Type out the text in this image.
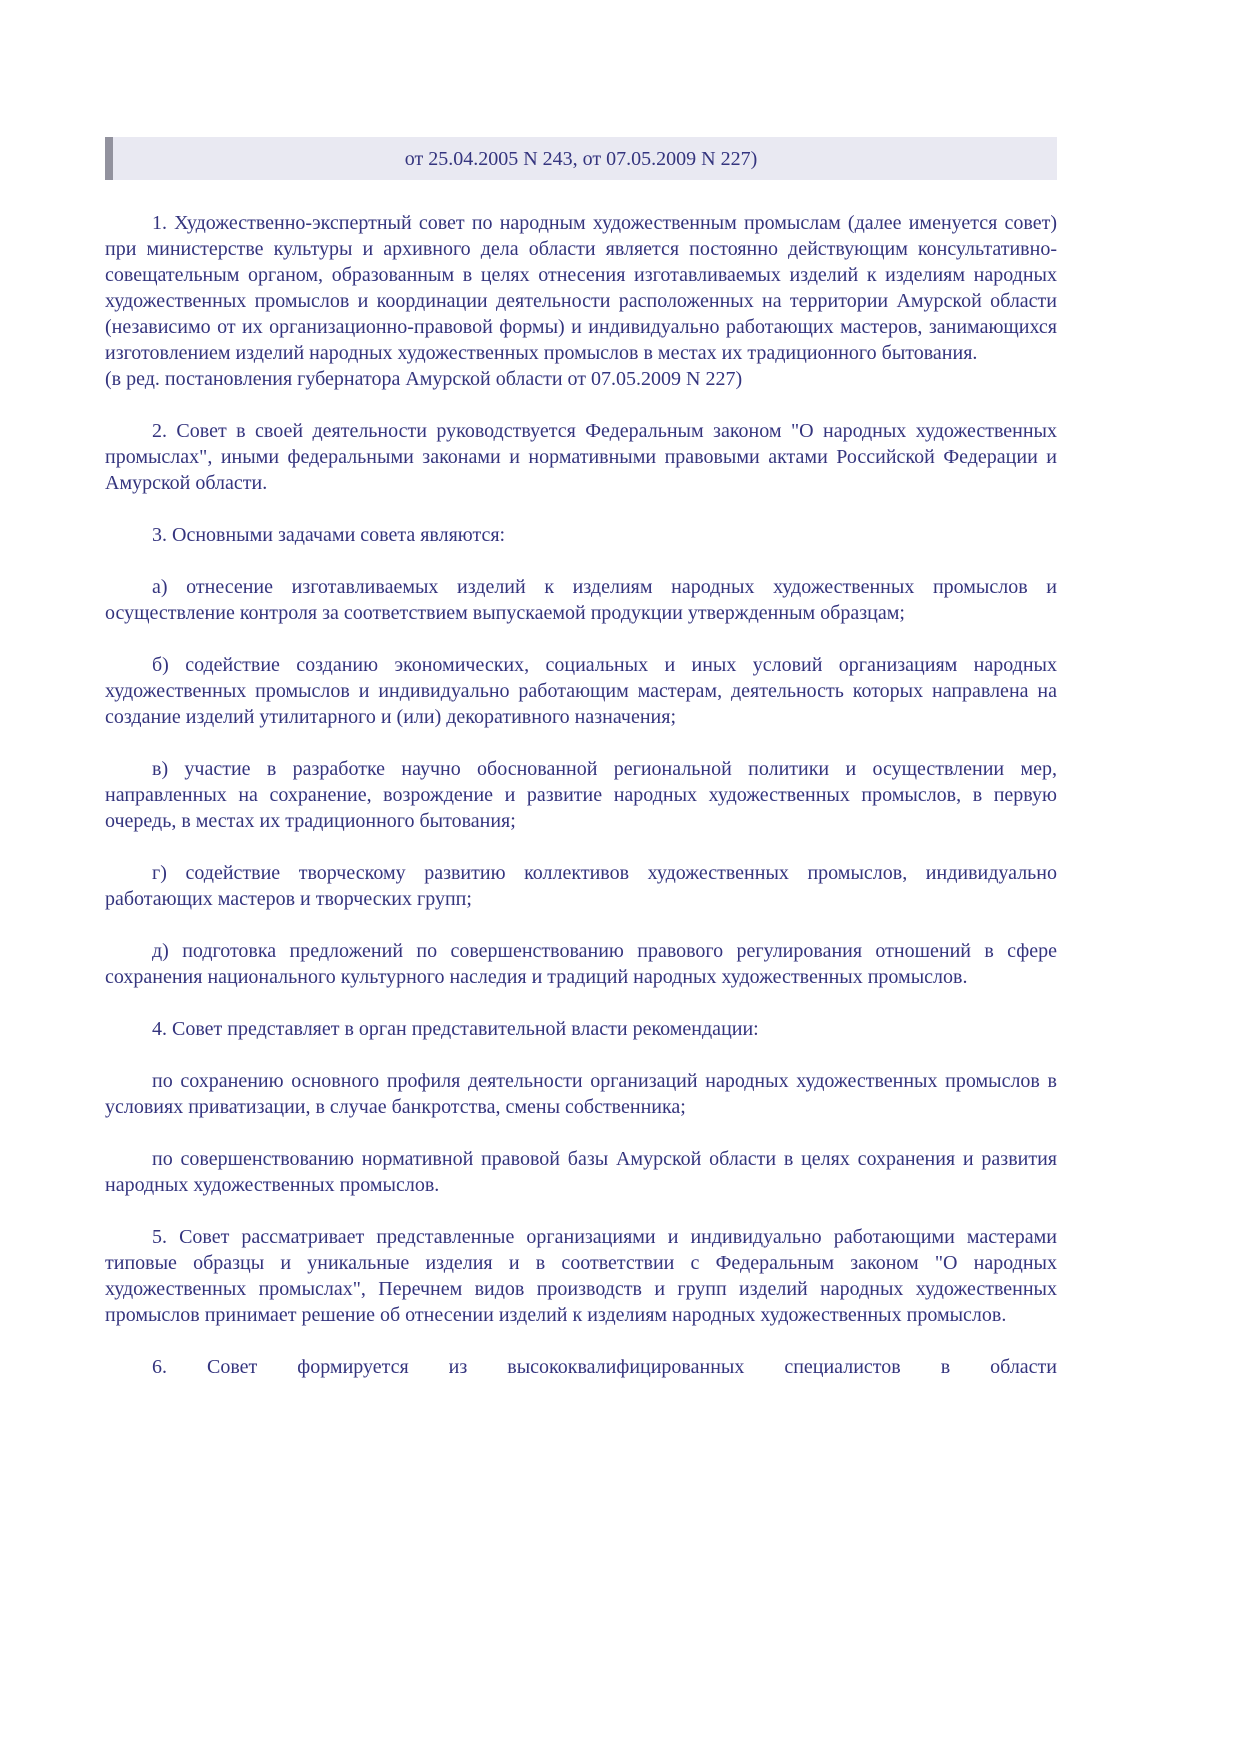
от 25.04.2005 N 243, от 07.05.2009 N 227)

1. Художественно-экспертный совет по народным художественным промыслам (далее именуется совет) при министерстве культуры и архивного дела области является постоянно действующим консультативно-совещательным органом, образованным в целях отнесения изготавливаемых изделий к изделиям народных художественных промыслов и координации деятельности расположенных на территории Амурской области (независимо от их организационно-правовой формы) и индивидуально работающих мастеров, занимающихся изготовлением изделий народных художественных промыслов в местах их традиционного бытования.

(в ред. постановления губернатора Амурской области от 07.05.2009 N 227)

2. Совет в своей деятельности руководствуется Федеральным законом "О народных художественных промыслах", иными федеральными законами и нормативными правовыми актами Российской Федерации и Амурской области.

3. Основными задачами совета являются:

а) отнесение изготавливаемых изделий к изделиям народных художественных промыслов и осуществление контроля за соответствием выпускаемой продукции утвержденным образцам;

б) содействие созданию экономических, социальных и иных условий организациям народных художественных промыслов и индивидуально работающим мастерам, деятельность которых направлена на создание изделий утилитарного и (или) декоративного назначения;

в) участие в разработке научно обоснованной региональной политики и осуществлении мер, направленных на сохранение, возрождение и развитие народных художественных промыслов, в первую очередь, в местах их традиционного бытования;

г) содействие творческому развитию коллективов художественных промыслов, индивидуально работающих мастеров и творческих групп;

д) подготовка предложений по совершенствованию правового регулирования отношений в сфере сохранения национального культурного наследия и традиций народных художественных промыслов.

4. Совет представляет в орган представительной власти рекомендации:

по сохранению основного профиля деятельности организаций народных художественных промыслов в условиях приватизации, в случае банкротства, смены собственника;

по совершенствованию нормативной правовой базы Амурской области в целях сохранения и развития народных художественных промыслов.

5. Совет рассматривает представленные организациями и индивидуально работающими мастерами типовые образцы и уникальные изделия и в соответствии с Федеральным законом "О народных художественных промыслах", Перечнем видов производств и групп изделий народных художественных промыслов принимает решение об отнесении изделий к изделиям народных художественных промыслов.

6. Совет формируется из высококвалифицированных специалистов в области
